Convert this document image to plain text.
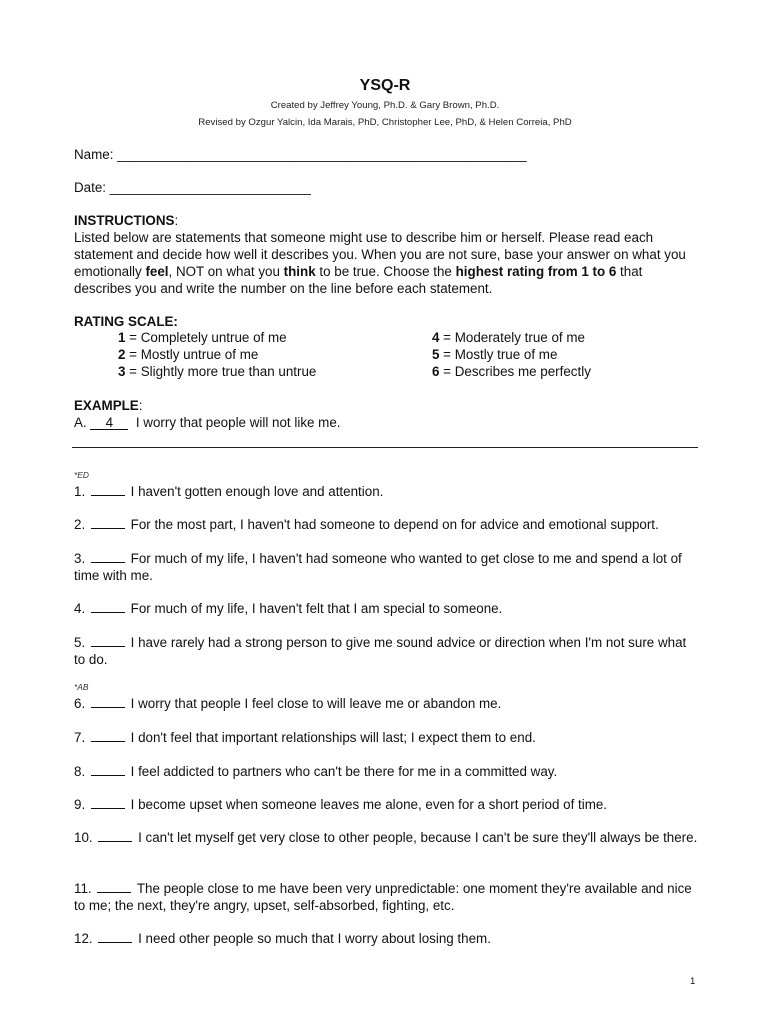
YSQ-R
Created by Jeffrey Young, Ph.D. & Gary Brown, Ph.D.
Revised by Ozgur Yalcin, Ida Marais, PhD, Christopher Lee, PhD, & Helen Correia, PhD
Name: _______________________________________________________
Date: ___________________________
INSTRUCTIONS:
Listed below are statements that someone might use to describe him or herself. Please read each statement and decide how well it describes you. When you are not sure, base your answer on what you emotionally feel, NOT on what you think to be true. Choose the highest rating from 1 to 6 that describes you and write the number on the line before each statement.
RATING SCALE:
1 = Completely untrue of me
2 = Mostly untrue of me
3 = Slightly more true than untrue
4 = Moderately true of me
5 = Mostly true of me
6 = Describes me perfectly
EXAMPLE:
A. 4 I worry that people will not like me.
*ED
1.	I haven't gotten enough love and attention.
2.	For the most part, I haven't had someone to depend on for advice and emotional support.
3.	For much of my life, I haven't had someone who wanted to get close to me and spend a lot of time with me.
4.	For much of my life, I haven't felt that I am special to someone.
5.	I have rarely had a strong person to give me sound advice or direction when I'm not sure what to do.
*AB
6.	I worry that people I feel close to will leave me or abandon me.
7.	I don't feel that important relationships will last; I expect them to end.
8.	I feel addicted to partners who can't be there for me in a committed way.
9.	I become upset when someone leaves me alone, even for a short period of time.
10.	I can't let myself get very close to other people, because I can't be sure they'll always be there.
11.	The people close to me have been very unpredictable: one moment they're available and nice to me; the next, they're angry, upset, self-absorbed, fighting, etc.
12.	I need other people so much that I worry about losing them.
1
